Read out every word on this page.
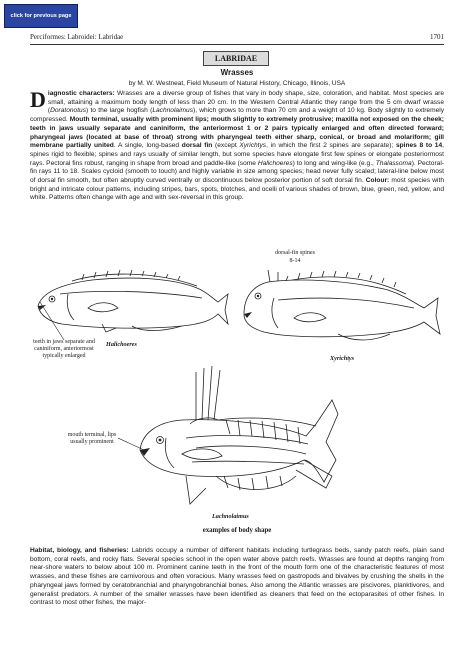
click for previous page
Perciformes: Labroidei: Labridae	1701
LABRIDAE
Wrasses
by M. W. Westneat, Field Museum of Natural History, Chicago, Illinois, USA

Diagnostic characters: Wrasses are a diverse group of fishes that vary in body shape, size, coloration, and habitat. Most species are small, attaining a maximum body length of less than 20 cm. In the Western Central Atlantic they range from the 5 cm dwarf wrasse (Doratonotus) to the large hogfish (Lachnolaimus), which grows to more than 70 cm and a weight of 10 kg. Body slightly to extremely compressed. Mouth terminal, usually with prominent lips; mouth slightly to extremely protrusive; maxilla not exposed on the cheek; teeth in jaws usually separate and caniniform, the anteriormost 1 or 2 pairs typically enlarged and often directed forward; pharyngeal jaws (located at base of throat) strong with pharyngeal teeth either sharp, conical, or broad and molariform; gill membrane partially united. A single, long-based dorsal fin (except Xyrichtys, in which the first 2 spines are separate); spines 8 to 14, spines rigid to flexible; spines and rays usually of similar length, but some species have elongate first few spines or elongate posteriormost rays. Pectoral fins robust, ranging in shape from broad and paddle-like (some Halichoeres) to long and wing-like (e.g., Thalassoma). Pectoral-fin rays 11 to 18. Scales cycloid (smooth to touch) and highly variable in size among species; head never fully scaled; lateral-line below most of dorsal fin smooth, but often abruptly curved ventrally or discontinuous below posterior portion of soft dorsal fin. Colour: most species with bright and intricate colour patterns, including stripes, bars, spots, blotches, and ocelli of various shades of brown, blue, green, red, yellow, and white. Patterns often change with age and with sex-reversal in this group.

dorsal-fin spines
8-14
teeth in jaws separate and caniniform, anteriormost typically enlarged
Halichoeres
Xyrichtys
mouth terminal, lips usually prominent
Lachnolaimus
examples of body shape

Habitat, biology, and fisheries: Labrids occupy a number of different habitats including turtlegrass beds, sandy patch reefs, plain sand bottom, coral reefs, and rocky flats. Several species school in the open water above patch reefs. Wrasses are found at depths ranging from near-shore waters to below about 100 m. Prominent canine teeth in the front of the mouth form one of the characteristic features of most wrasses, and these fishes are carnivorous and often voracious. Many wrasses feed on gastropods and bivalves by crushing the shells in the pharyngeal jaws formed by ceratobranchial and pharyngobranchial bones. Also among the Atlantic wrasses are piscivores, planktivores, and generalist predators. A number of the smaller wrasses have been identified as cleaners that feed on the ectoparasites of other fishes. In contrast to most other fishes, the major-
